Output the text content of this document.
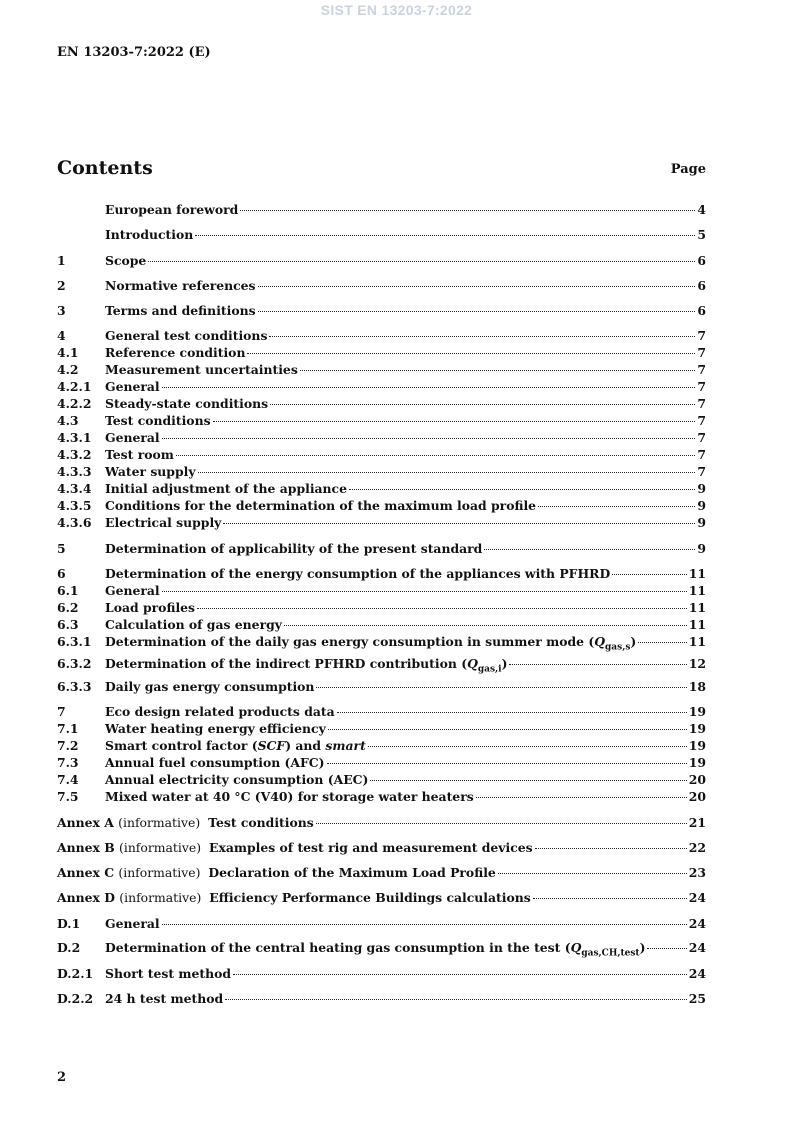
SIST EN 13203-7:2022
EN 13203-7:2022 (E)
Contents	Page
European foreword	4
Introduction	5
1	Scope	6
2	Normative references	6
3	Terms and definitions	6
4	General test conditions	7
4.1	Reference condition	7
4.2	Measurement uncertainties	7
4.2.1	General	7
4.2.2	Steady-state conditions	7
4.3	Test conditions	7
4.3.1	General	7
4.3.2	Test room	7
4.3.3	Water supply	7
4.3.4	Initial adjustment of the appliance	9
4.3.5	Conditions for the determination of the maximum load profile	9
4.3.6	Electrical supply	9
5	Determination of applicability of the present standard	9
6	Determination of the energy consumption of the appliances with PFHRD	11
6.1	General	11
6.2	Load profiles	11
6.3	Calculation of gas energy	11
6.3.1	Determination of the daily gas energy consumption in summer mode $(Q_{gas,s})$	11
6.3.2	Determination of the indirect PFHRD contribution $(Q_{gas,i})$	12
6.3.3	Daily gas energy consumption	18
7	Eco design related products data	19
7.1	Water heating energy efficiency	19
7.2	Smart control factor (SCF) and smart	19
7.3	Annual fuel consumption (AFC)	19
7.4	Annual electricity consumption (AEC)	20
7.5	Mixed water at 40 °C (V40) for storage water heaters	20
Annex A (informative) Test conditions	21
Annex B (informative) Examples of test rig and measurement devices	22
Annex C (informative) Declaration of the Maximum Load Profile	23
Annex D (informative) Efficiency Performance Buildings calculations	24
D.1	General	24
D.2	Determination of the central heating gas consumption in the test $(Q_{gas,CH,test})$	24
D.2.1 Short test method	24
D.2.2 24 h test method	25
2
